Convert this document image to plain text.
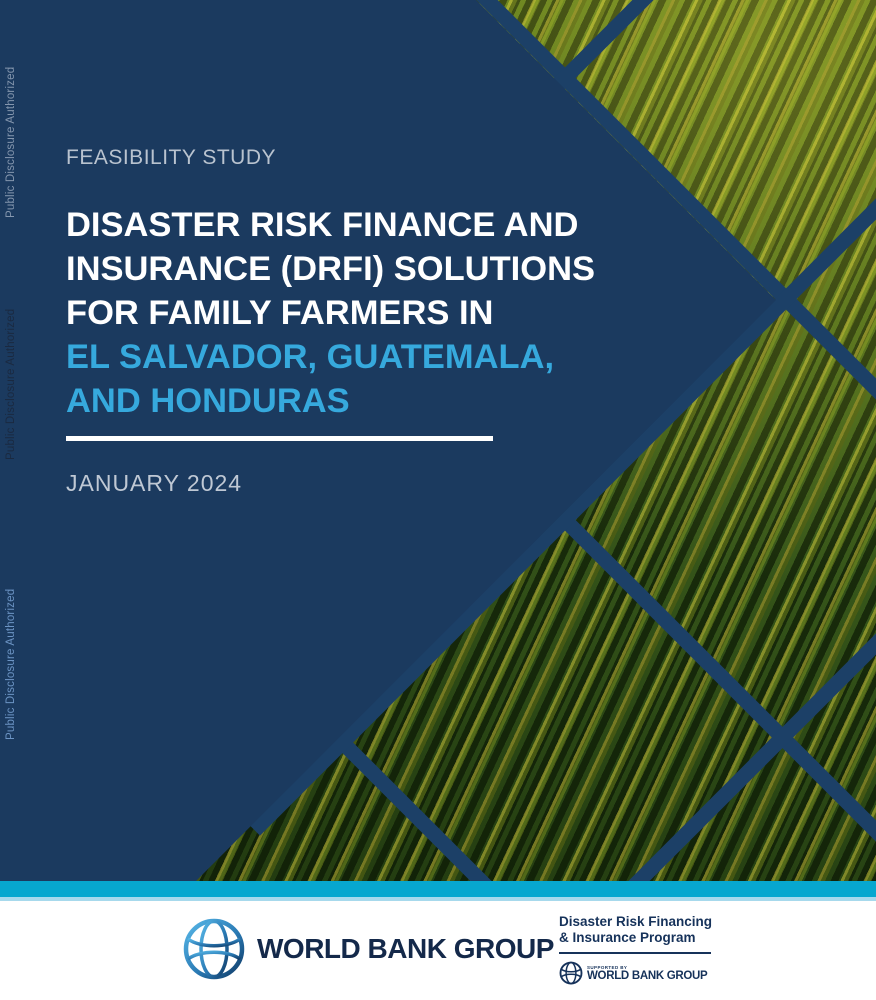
Public Disclosure Authorized
Public Disclosure Authorized
Public Disclosure Authorized
FEASIBILITY STUDY
DISASTER RISK FINANCE AND
INSURANCE (DRFI) SOLUTIONS
FOR FAMILY FARMERS IN
EL SALVADOR, GUATEMALA,
AND HONDURAS
JANUARY 2024
WORLD BANK GROUP
Disaster Risk Financing
& Insurance Program
SUPPORTED BY
WORLD BANK GROUP
